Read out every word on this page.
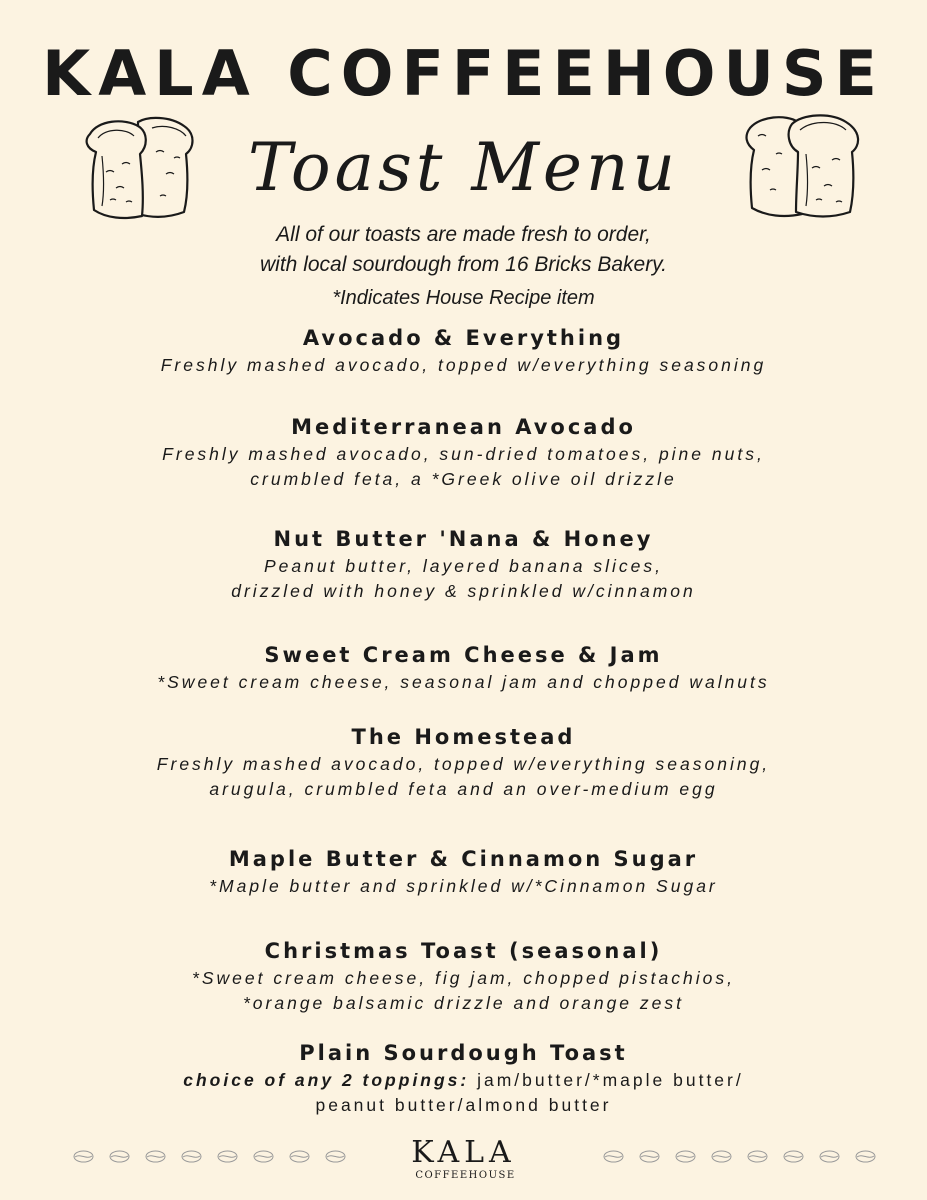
KALA COFFEEHOUSE
Toast Menu
All of our toasts are made fresh to order,
with local sourdough from 16 Bricks Bakery.
*Indicates House Recipe item
Avocado & Everything
Freshly mashed avocado, topped w/everything seasoning
Mediterranean Avocado
Freshly mashed avocado, sun-dried tomatoes, pine nuts,
crumbled feta, a *Greek olive oil drizzle
Nut Butter 'Nana & Honey
Peanut butter, layered banana slices,
drizzled with honey & sprinkled w/cinnamon
Sweet Cream Cheese & Jam
*Sweet cream cheese, seasonal jam and chopped walnuts
The Homestead
Freshly mashed avocado, topped w/everything seasoning,
arugula, crumbled feta and an over-medium egg
Maple Butter & Cinnamon Sugar
*Maple butter and sprinkled w/*Cinnamon Sugar
Christmas Toast (seasonal)
*Sweet cream cheese, fig jam, chopped pistachios,
*orange balsamic drizzle and orange zest
Plain Sourdough Toast
choice of any 2 toppings: jam/butter/*maple butter/
peanut butter/almond butter
KALA
COFFEEHOUSE
